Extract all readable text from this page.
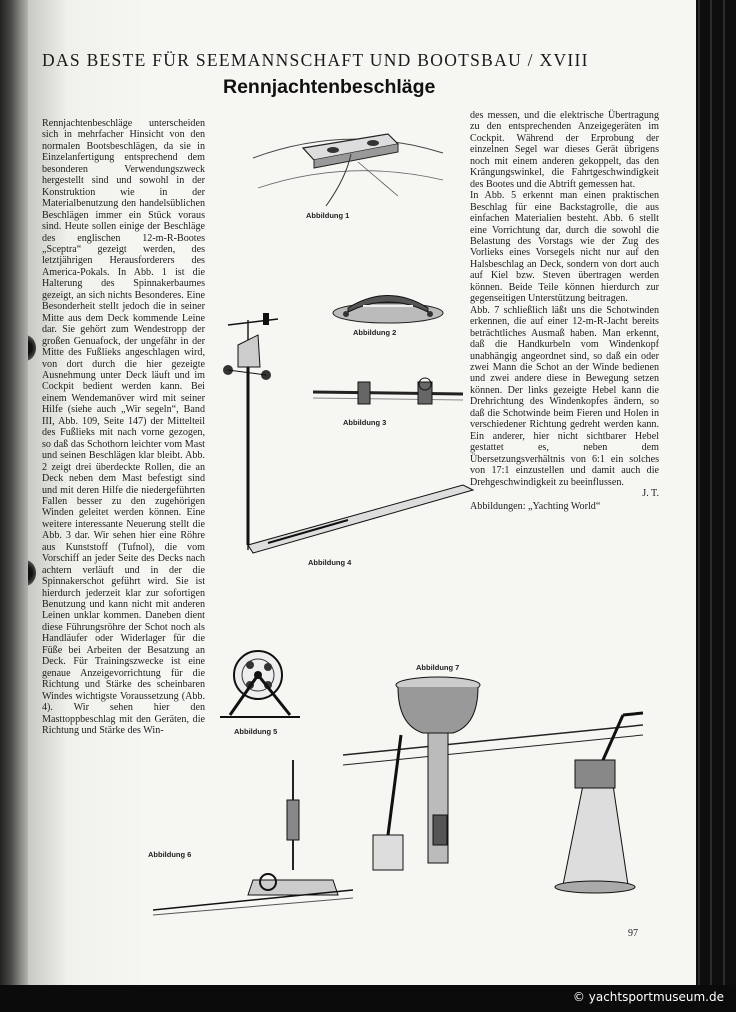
DAS BESTE FÜR SEEMANNSCHAFT UND BOOTSBAU / XVIII
Rennjachtenbeschläge

Rennjachtenbeschläge unterscheiden sich in mehrfacher Hinsicht von den normalen Bootsbeschlägen, da sie in Einzelanfertigung entsprechend dem besonderen Verwendungszweck hergestellt sind und sowohl in der Konstruktion wie in der Materialbenutzung den handelsüblichen Beschlägen immer ein Stück voraus sind. Heute sollen einige der Beschläge des englischen 12-m-R-Bootes „Sceptra“ gezeigt werden, des letztjährigen Herausforderers des America-Pokals. In Abb. 1 ist die Halterung des Spinnakerbaumes gezeigt, an sich nichts Besonderes. Eine Besonderheit stellt jedoch die in seiner Mitte aus dem Deck kommende Leine dar. Sie gehört zum Wendestropp der großen Genuafock, der ungefähr in der Mitte des Fußlieks angeschlagen wird, von dort durch die hier gezeigte Ausnehmung unter Deck läuft und im Cockpit bedient werden kann. Bei einem Wendemanöver wird mit seiner Hilfe (siehe auch „Wir segeln“, Band III, Abb. 109, Seite 147) der Mittelteil des Fußlieks mit nach vorne gezogen, so daß das Schothorn leichter vom Mast und seinen Beschlägen klar bleibt. Abb. 2 zeigt drei überdeckte Rollen, die an Deck neben dem Mast befestigt sind und mit deren Hilfe die niedergeführten Fallen besser zu den zugehörigen Winden geleitet werden können. Eine weitere interessante Neuerung stellt die Abb. 3 dar. Wir sehen hier eine Röhre aus Kunststoff (Tufnol), die vom Vorschiff an jeder Seite des Decks nach achtern verläuft und in der die Spinnakerschot geführt wird. Sie ist hierdurch jederzeit klar zur sofortigen Benutzung und kann nicht mit anderen Leinen unklar kommen. Daneben dient diese Führungsröhre der Schot noch als Handläufer oder Widerlager für die Füße bei Arbeiten der Besatzung an Deck. Für Trainingszwecke ist eine genaue Anzeigevorrichtung für die Richtung und Stärke des scheinbaren Windes wichtigste Voraussetzung (Abb. 4). Wir sehen hier den Masttoppbeschlag mit den Geräten, die Richtung und Stärke des Win-

des messen, und die elektrische Übertragung zu den entsprechenden Anzeigegeräten im Cockpit. Während der Erprobung der einzelnen Segel war dieses Gerät übrigens noch mit einem anderen gekoppelt, das den Krängungswinkel, die Fahrtgeschwindigkeit des Bootes und die Abtrift gemessen hat.

In Abb. 5 erkennt man einen praktischen Beschlag für eine Backstagrolle, die aus einfachen Materialien besteht. Abb. 6 stellt eine Vorrichtung dar, durch die sowohl die Belastung des Vorstags wie der Zug des Vorlieks eines Vorsegels nicht nur auf den Halsbeschlag an Deck, sondern von dort auch auf Kiel bzw. Steven übertragen werden können. Beide Teile können hierdurch zur gegenseitigen Unterstützung beitragen.

Abb. 7 schließlich läßt uns die Schotwinden erkennen, die auf einer 12-m-R-Jacht bereits beträchtliches Ausmaß haben. Man erkennt, daß die Handkurbeln vom Windenkopf unabhängig angeordnet sind, so daß ein oder zwei Mann die Schot an der Winde bedienen und zwei andere diese in Bewegung setzen können. Der links gezeigte Hebel kann die Drehrichtung des Windenkopfes ändern, so daß die Schotwinde beim Fieren und Holen in verschiedener Richtung gedreht werden kann. Ein anderer, hier nicht sichtbarer Hebel gestattet es, neben dem Übersetzungsverhältnis von 6:1 ein solches von 17:1 einzustellen und damit auch die Drehgeschwindigkeit zu beeinflussen.

J. T.

Abbildungen: „Yachting World“

Abbildung 1
Abbildung 2
Abbildung 3
Abbildung 4
Abbildung 5
Abbildung 6
Abbildung 7
97
© yachtsportmuseum.de
